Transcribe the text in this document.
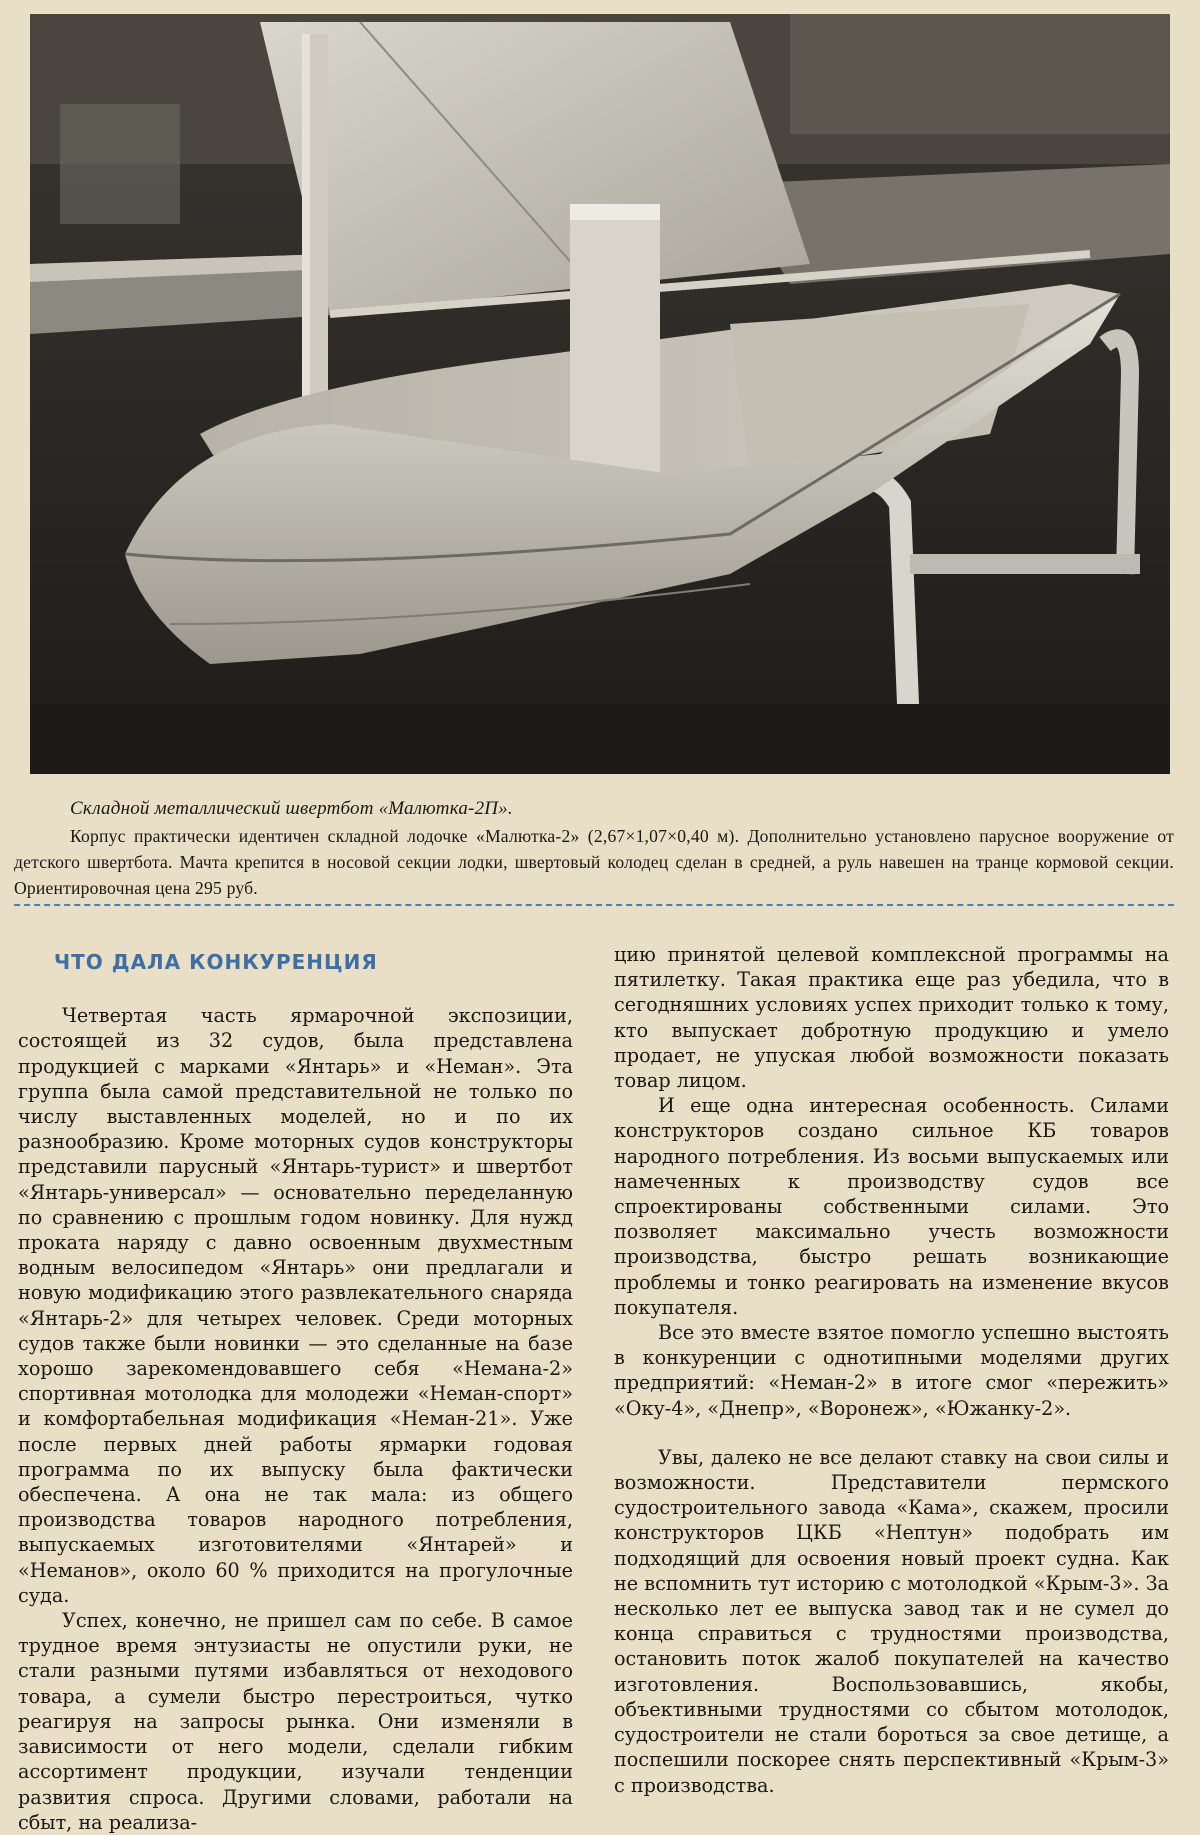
Складной металлический швертбот «Малютка-2П».
Корпус практически идентичен складной лодочке «Малютка-2» (2,67×1,07×0,40 м). Дополнительно установлено парусное вооружение от детского швертбота. Мачта крепится в носовой секции лодки, швертовый колодец сделан в средней, а руль навешен на транце кормовой секции. Ориентировочная цена 295 руб.
ЧТО ДАЛА КОНКУРЕНЦИЯ

Четвертая часть ярмарочной экспозиции, состоящей из 32 судов, была представлена продукцией с марками «Янтарь» и «Неман». Эта группа была самой представительной не только по числу выставленных моделей, но и по их разнообразию. Кроме моторных судов конструкторы представили парусный «Янтарь-турист» и швертбот «Янтарь-универсал» — основательно переделанную по сравнению с прошлым годом новинку. Для нужд проката наряду с давно освоенным двухместным водным велосипедом «Янтарь» они предлагали и новую модификацию этого развлекательного снаряда «Янтарь-2» для четырех человек. Среди моторных судов также были новинки — это сделанные на базе хорошо зарекомендовавшего себя «Немана-2» спортивная мотолодка для молодежи «Неман-спорт» и комфортабельная модификация «Неман-21». Уже после первых дней работы ярмарки годовая программа по их выпуску была фактически обеспечена. А она не так мала: из общего производства товаров народного потребления, выпускаемых изготовителями «Янтарей» и «Неманов», около 60 % приходится на прогулочные суда.

Успех, конечно, не пришел сам по себе. В самое трудное время энтузиасты не опустили руки, не стали разными путями избавляться от неходового товара, а сумели быстро перестроиться, чутко реагируя на запросы рынка. Они изменяли в зависимости от него модели, сделали гибким ассортимент продукции, изучали тенденции развития спроса. Другими словами, работали на сбыт, на реализа-

цию принятой целевой комплексной программы на пятилетку. Такая практика еще раз убедила, что в сегодняшних условиях успех приходит только к тому, кто выпускает добротную продукцию и умело продает, не упуская любой возможности показать товар лицом.

И еще одна интересная особенность. Силами конструкторов создано сильное КБ товаров народного потребления. Из восьми выпускаемых или намеченных к производству судов все спроектированы собственными силами. Это позволяет максимально учесть возможности производства, быстро решать возникающие проблемы и тонко реагировать на изменение вкусов покупателя.

Все это вместе взятое помогло успешно выстоять в конкуренции с однотипными моделями других предприятий: «Неман-2» в итоге смог «пережить» «Оку-4», «Днепр», «Воронеж», «Южанку-2».

Увы, далеко не все делают ставку на свои силы и возможности. Представители пермского судостроительного завода «Кама», скажем, просили конструкторов ЦКБ «Нептун» подобрать им подходящий для освоения новый проект судна. Как не вспомнить тут историю с мотолодкой «Крым-3». За несколько лет ее выпуска завод так и не сумел до конца справиться с трудностями производства, остановить поток жалоб покупателей на качество изготовления. Воспользовавшись, якобы, объективными трудностями со сбытом мотолодок, судостроители не стали бороться за свое детище, а поспешили поскорее снять перспективный «Крым-3» с производства.
